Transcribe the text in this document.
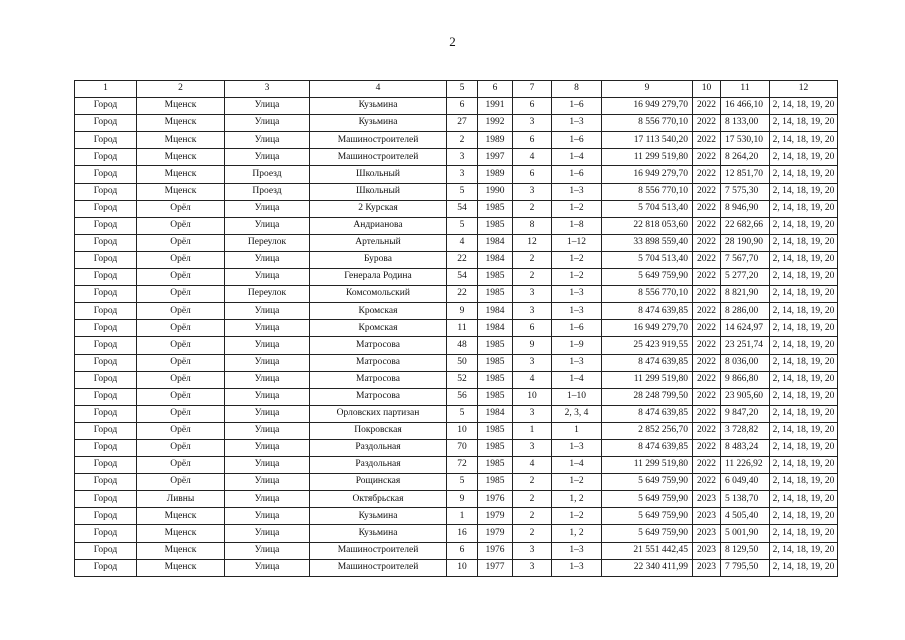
2
1	2	3	4	5	6	7	8	9	10	11	12
Город	Мценск	Улица	Кузьмина	6	1991	6	1–6	16 949 279,70	2022	16 466,10	2, 14, 18, 19, 20
Город	Мценск	Улица	Кузьмина	27	1992	3	1–3	8 556 770,10	2022	8 133,00	2, 14, 18, 19, 20
Город	Мценск	Улица	Машиностроителей	2	1989	6	1–6	17 113 540,20	2022	17 530,10	2, 14, 18, 19, 20
Город	Мценск	Улица	Машиностроителей	3	1997	4	1–4	11 299 519,80	2022	8 264,20	2, 14, 18, 19, 20
Город	Мценск	Проезд	Школьный	3	1989	6	1–6	16 949 279,70	2022	12 851,70	2, 14, 18, 19, 20
Город	Мценск	Проезд	Школьный	5	1990	3	1–3	8 556 770,10	2022	7 575,30	2, 14, 18, 19, 20
Город	Орёл	Улица	2 Курская	54	1985	2	1–2	5 704 513,40	2022	8 946,90	2, 14, 18, 19, 20
Город	Орёл	Улица	Андрианова	5	1985	8	1–8	22 818 053,60	2022	22 682,66	2, 14, 18, 19, 20
Город	Орёл	Переулок	Артельный	4	1984	12	1–12	33 898 559,40	2022	28 190,90	2, 14, 18, 19, 20
Город	Орёл	Улица	Бурова	22	1984	2	1–2	5 704 513,40	2022	7 567,70	2, 14, 18, 19, 20
Город	Орёл	Улица	Генерала Родина	54	1985	2	1–2	5 649 759,90	2022	5 277,20	2, 14, 18, 19, 20
Город	Орёл	Переулок	Комсомольский	22	1985	3	1–3	8 556 770,10	2022	8 821,90	2, 14, 18, 19, 20
Город	Орёл	Улица	Кромская	9	1984	3	1–3	8 474 639,85	2022	8 286,00	2, 14, 18, 19, 20
Город	Орёл	Улица	Кромская	11	1984	6	1–6	16 949 279,70	2022	14 624,97	2, 14, 18, 19, 20
Город	Орёл	Улица	Матросова	48	1985	9	1–9	25 423 919,55	2022	23 251,74	2, 14, 18, 19, 20
Город	Орёл	Улица	Матросова	50	1985	3	1–3	8 474 639,85	2022	8 036,00	2, 14, 18, 19, 20
Город	Орёл	Улица	Матросова	52	1985	4	1–4	11 299 519,80	2022	9 866,80	2, 14, 18, 19, 20
Город	Орёл	Улица	Матросова	56	1985	10	1–10	28 248 799,50	2022	23 905,60	2, 14, 18, 19, 20
Город	Орёл	Улица	Орловских партизан	5	1984	3	2, 3, 4	8 474 639,85	2022	9 847,20	2, 14, 18, 19, 20
Город	Орёл	Улица	Покровская	10	1985	1	1	2 852 256,70	2022	3 728,82	2, 14, 18, 19, 20
Город	Орёл	Улица	Раздольная	70	1985	3	1–3	8 474 639,85	2022	8 483,24	2, 14, 18, 19, 20
Город	Орёл	Улица	Раздольная	72	1985	4	1–4	11 299 519,80	2022	11 226,92	2, 14, 18, 19, 20
Город	Орёл	Улица	Рощинская	5	1985	2	1–2	5 649 759,90	2022	6 049,40	2, 14, 18, 19, 20
Город	Ливны	Улица	Октябрьская	9	1976	2	1, 2	5 649 759,90	2023	5 138,70	2, 14, 18, 19, 20
Город	Мценск	Улица	Кузьмина	1	1979	2	1–2	5 649 759,90	2023	4 505,40	2, 14, 18, 19, 20
Город	Мценск	Улица	Кузьмина	16	1979	2	1, 2	5 649 759,90	2023	5 001,90	2, 14, 18, 19, 20
Город	Мценск	Улица	Машиностроителей	6	1976	3	1–3	21 551 442,45	2023	8 129,50	2, 14, 18, 19, 20
Город	Мценск	Улица	Машиностроителей	10	1977	3	1–3	22 340 411,99	2023	7 795,50	2, 14, 18, 19, 20
